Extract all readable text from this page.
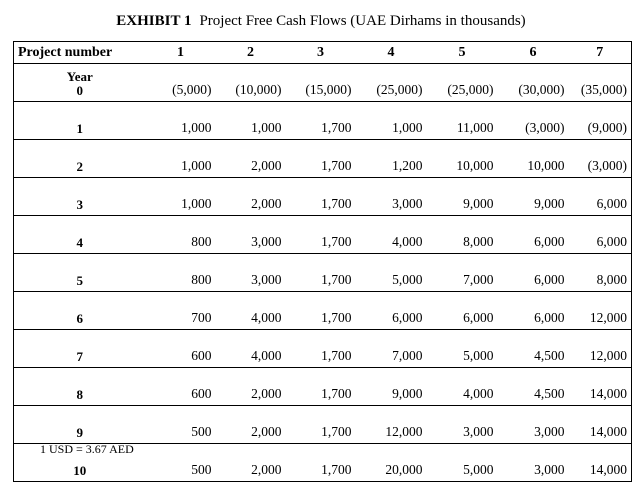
EXHIBIT 1 Project Free Cash Flows (UAE Dirhams in thousands)
Project number	1	2	3	4	5	6	7

Year
0	(5,000)	(10,000)	(15,000)	(25,000)	(25,000)	(30,000)	(35,000)
1	1,000	1,000	1,700	1,000	11,000	(3,000)	(9,000)
2	1,000	2,000	1,700	1,200	10,000	10,000	(3,000)
3	1,000	2,000	1,700	3,000	9,000	9,000	6,000
4	800	3,000	1,700	4,000	8,000	6,000	6,000
5	800	3,000	1,700	5,000	7,000	6,000	8,000
6	700	4,000	1,700	6,000	6,000	6,000	12,000
7	600	4,000	1,700	7,000	5,000	4,500	12,000
8	600	2,000	1,700	9,000	4,000	4,500	14,000
9	500	2,000	1,700	12,000	3,000	3,000	14,000
10	500	2,000	1,700	20,000	5,000	3,000	14,000
1 USD = 3.67 AED
